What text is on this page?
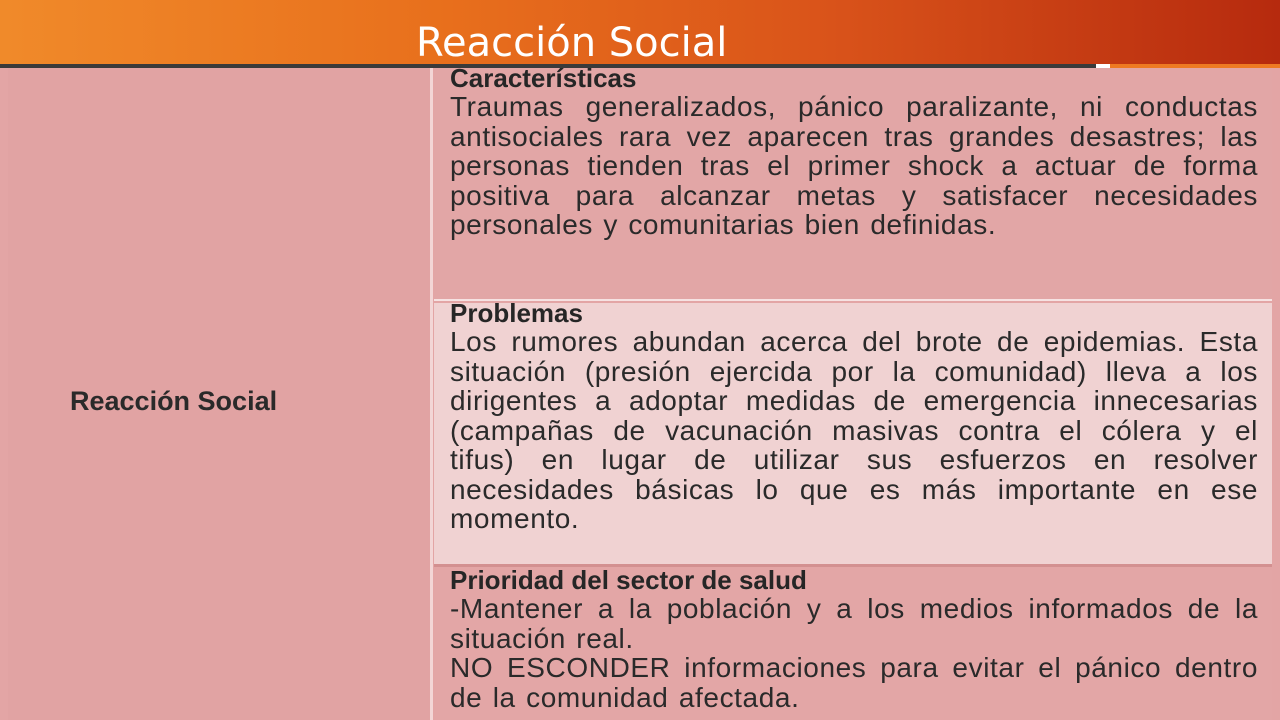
Reacción Social
Reacción Social
Características

Traumas generalizados, pánico paralizante, ni conductas antisociales rara vez aparecen tras grandes desastres; las personas tienden tras el primer shock a actuar de forma positiva para alcanzar metas y satisfacer necesidades personales y comunitarias bien definidas.

Problemas

Los rumores abundan acerca del brote de epidemias. Esta situación (presión ejercida por la comunidad) lleva a los dirigentes a adoptar medidas de emergencia innecesarias (campañas de vacunación masivas contra el cólera y el tifus) en lugar de utilizar sus esfuerzos en resolver necesidades básicas lo que es más importante en ese momento.

Prioridad del sector de salud

-Mantener a la población y a los medios informados de la situación real.

NO ESCONDER informaciones para evitar el pánico dentro de la comunidad afectada.
